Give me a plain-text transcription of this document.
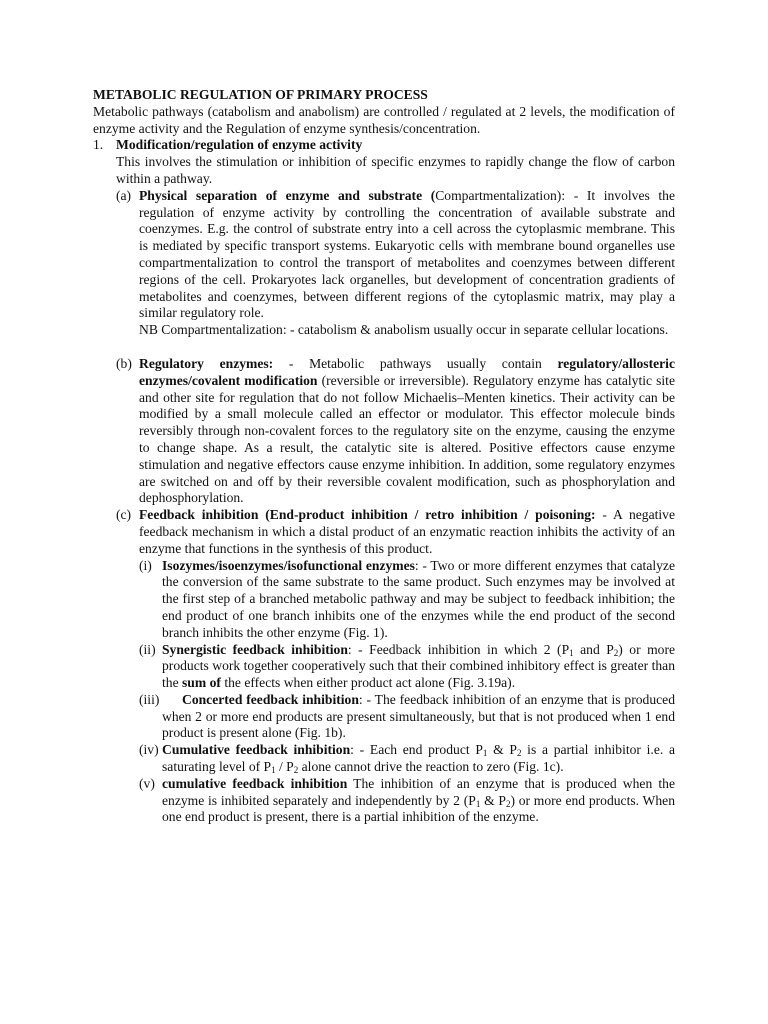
METABOLIC REGULATION OF PRIMARY PROCESS

Metabolic pathways (catabolism and anabolism) are controlled / regulated at 2 levels, the modification of enzyme activity and the Regulation of enzyme synthesis/concentration.

1. Modification/regulation of enzyme activity

This involves the stimulation or inhibition of specific enzymes to rapidly change the flow of carbon within a pathway.

(a) Physical separation of enzyme and substrate (Compartmentalization): - It involves the regulation of enzyme activity by controlling the concentration of available substrate and coenzymes. E.g. the control of substrate entry into a cell across the cytoplasmic membrane. This is mediated by specific transport systems. Eukaryotic cells with membrane bound organelles use compartmentalization to control the transport of metabolites and coenzymes between different regions of the cell. Prokaryotes lack organelles, but development of concentration gradients of metabolites and coenzymes, between different regions of the cytoplasmic matrix, may play a similar regulatory role.

NB Compartmentalization: - catabolism & anabolism usually occur in separate cellular locations.

(b) Regulatory enzymes: - Metabolic pathways usually contain regulatory/allosteric enzymes/covalent modification (reversible or irreversible). Regulatory enzyme has catalytic site and other site for regulation that do not follow Michaelis–Menten kinetics. Their activity can be modified by a small molecule called an effector or modulator. This effector molecule binds reversibly through non-covalent forces to the regulatory site on the enzyme, causing the enzyme to change shape. As a result, the catalytic site is altered. Positive effectors cause enzyme stimulation and negative effectors cause enzyme inhibition. In addition, some regulatory enzymes are switched on and off by their reversible covalent modification, such as phosphorylation and dephosphorylation.

(c) Feedback inhibition (End-product inhibition / retro inhibition / poisoning: - A negative feedback mechanism in which a distal product of an enzymatic reaction inhibits the activity of an enzyme that functions in the synthesis of this product.

(i) Isozymes/isoenzymes/isofunctional enzymes: - Two or more different enzymes that catalyze the conversion of the same substrate to the same product. Such enzymes may be involved at the first step of a branched metabolic pathway and may be subject to feedback inhibition; the end product of one branch inhibits one of the enzymes while the end product of the second branch inhibits the other enzyme (Fig. 1).

(ii) Synergistic feedback inhibition: - Feedback inhibition in which 2 ($P_1$ and $P_2$) or more products work together cooperatively such that their combined inhibitory effect is greater than the sum of the effects when either product act alone (Fig. 3.19a).

(iii)	Concerted feedback inhibition: - The feedback inhibition of an enzyme that is produced when 2 or more end products are present simultaneously, but that is not produced when 1 end product is present alone (Fig. 1b).

(iv) Cumulative feedback inhibition: - Each end product $P_1$ & $P_2$ is a partial inhibitor i.e. a saturating level of $P_1 / P_2$ alone cannot drive the reaction to zero (Fig. 1c).

(v) cumulative feedback inhibition The inhibition of an enzyme that is produced when the enzyme is inhibited separately and independently by 2 ($P_1$ & $P_2$) or more end products. When one end product is present, there is a partial inhibition of the enzyme.
